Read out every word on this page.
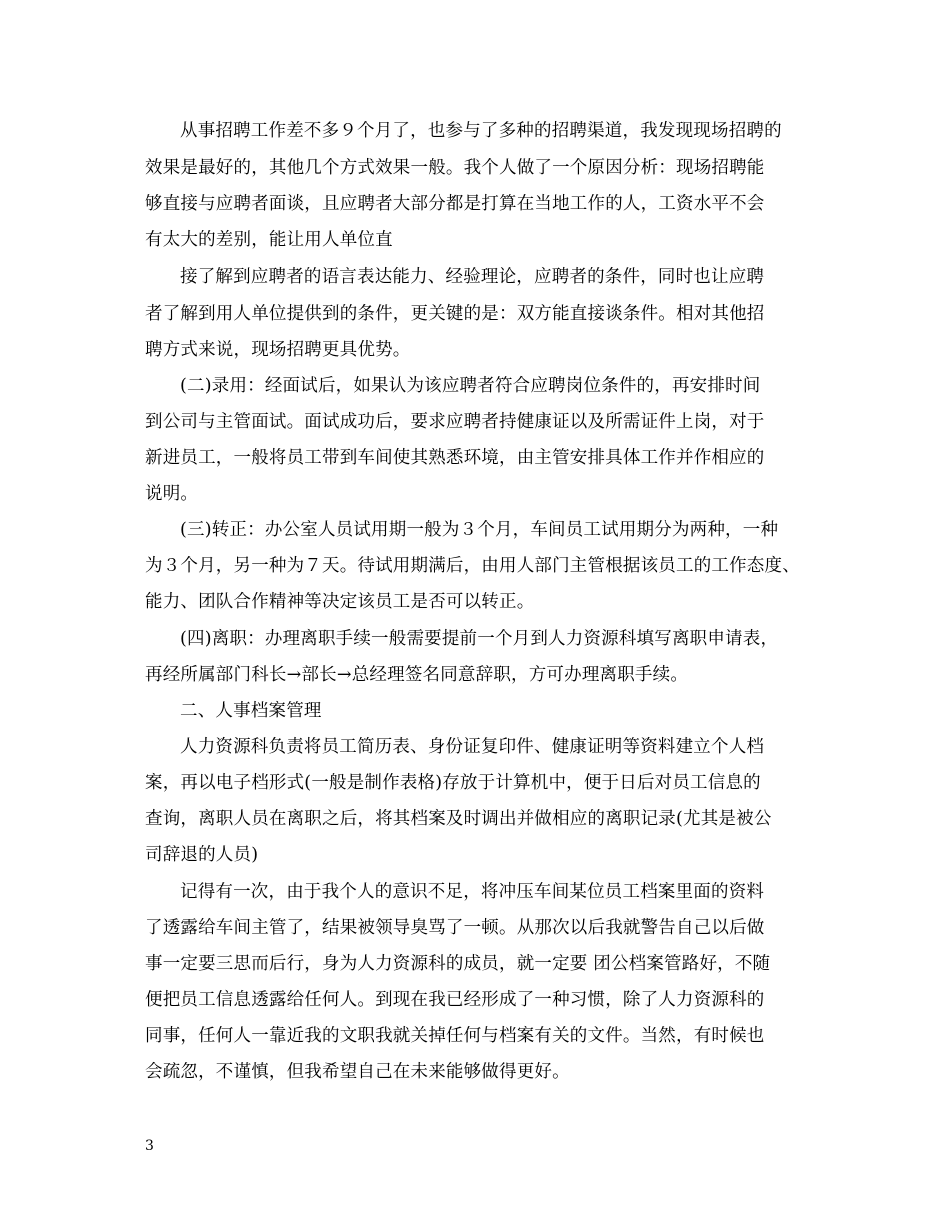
从事招聘工作差不多９个月了，也参与了多种的招聘渠道，我发现现场招聘的
效果是最好的，其他几个方式效果一般。我个人做了一个原因分析：现场招聘能
够直接与应聘者面谈，且应聘者大部分都是打算在当地工作的人，工资水平不会
有太大的差别，能让用人单位直
接了解到应聘者的语言表达能力、经验理论，应聘者的条件，同时也让应聘
者了解到用人单位提供到的条件，更关键的是：双方能直接谈条件。相对其他招
聘方式来说，现场招聘更具优势。
(二)录用：经面试后，如果认为该应聘者符合应聘岗位条件的，再安排时间
到公司与主管面试。面试成功后，要求应聘者持健康证以及所需证件上岗，对于
新进员工，一般将员工带到车间使其熟悉环境，由主管安排具体工作并作相应的
说明。
(三)转正：办公室人员试用期一般为３个月，车间员工试用期分为两种，一种
为３个月，另一种为７天。待试用期满后，由用人部门主管根据该员工的工作态度、
能力、团队合作精神等决定该员工是否可以转正。
(四)离职：办理离职手续一般需要提前一个月到人力资源科填写离职申请表，
再经所属部门科长→部长→总经理签名同意辞职，方可办理离职手续。
二、人事档案管理
人力资源科负责将员工简历表、身份证复印件、健康证明等资料建立个人档
案，再以电子档形式(一般是制作表格)存放于计算机中，便于日后对员工信息的
查询，离职人员在离职之后，将其档案及时调出并做相应的离职记录(尤其是被公
司辞退的人员)
记得有一次，由于我个人的意识不足，将冲压车间某位员工档案里面的资料
了透露给车间主管了，结果被领导臭骂了一顿。从那次以后我就警告自己以后做
事一定要三思而后行，身为人力资源科的成员，就一定要 团公档案管路好，不随
便把员工信息透露给任何人。到现在我已经形成了一种习惯，除了人力资源科的
同事，任何人一靠近我的文职我就关掉任何与档案有关的文件。当然，有时候也
会疏忽，不谨慎，但我希望自己在未来能够做得更好。
3
